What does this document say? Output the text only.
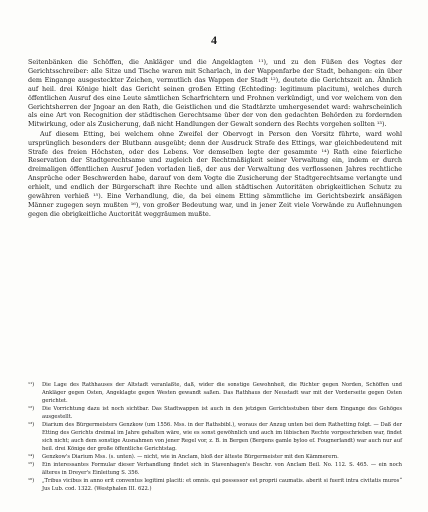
4

Seitenbänken die Schöffen, die Ankläger und die Angeklagten ¹¹), und zu den Füßen des Vogtes der Gerichtsschreiber: alle Sitze und Tische waren mit Scharlach, in der Wappenfarbe der Stadt, behangen: ein über dem Eingange ausgesteckter Zeichen, vermutlich das Wappen der Stadt ¹²), deutete die Gerichtszeit an. Ähnlich auf heil. drei Könige hielt das Gericht seinen großen Etting (Echteding: legitimum placitum), welches durch öffentlichen Ausruf des eine Leute sämtlichen Scharfrichtern und Frohnen verkündigt, und vor welchem von den Gerichtsherren der Jngoar an den Rath, die Geistlichen und die Stadtärzte umhergesendet ward: wahrscheinlich als eine Art von Recognition der städtischen Gerechtsame über der von den gedachten Behörden zu fordernden Mitwirkung, oder als Zusicherung, daß nicht Handlungen der Gewalt sondern des Rechts vorgehen sollten ¹³).

Auf diesem Etting, bei welchem ohne Zweifel der Obervogt in Person den Vorsitz führte, ward wohl ursprünglich besonders der Blutbann ausgeübt; denn der Ausdruck Strafe des Ettings, war gleichbedeutend mit Strafe des freien Höchsten, oder des Lebens. Vor demselben legte der gesammte ¹⁴) Rath eine feierliche Reservation der Stadtgerechtsame und zugleich der Rechtmäßigkeit seiner Verwaltung ein, indem er durch dreimaligen öffentlichen Ausruf Jeden vorladen ließ, der aus der Verwaltung des verflossenen Jahres rechtliche Ansprüche oder Beschwerden habe, darauf von dem Vogte die Zusicherung der Stadtgerechtsame verlangte und erhielt, und endlich der Bürgerschaft ihre Rechte und allen städtischen Autoritäten obrigkeitlichen Schutz zu gewähren verhieß ¹⁵). Eine Verhandlung, die, da bei einem Etting sämmtliche im Gerichtsbezirk ansäßigen Männer zugegen seyn mußten ¹⁶), von großer Bedeutung war, und in jener Zeit viele Vorwände zu Auflehnungen gegen die obrigkeitliche Auctorität weggräumen mußte.

¹¹) Die Lage des Rathhauses der Altstadt veranlaßte, daß, wider die sonstige Gewohnheit, die Richter gegen Norden, Schöffen und Ankläger gegen Osten, Angeklagte gegen Westen gewandt saßen. Das Rathhaus der Neustadt war mit der Vorderseite gegen Osten gerichtet.

¹²) Die Vorrichtung dazu ist noch sichtbar. Das Stadtwappen ist auch in den jetzigen Gerichtsstuben über dem Eingange des Gehöges ausgestellt.

¹³) Diarium des Bürgermeisters Genzkow (um 1556. Mss. in der Rathsbibl.), woraus der Anzug unten bei dem Rathetting folgt. — Daß der Etting des Gerichts dreimal im Jahre gehalten wäre, wie es sonst gewöhnlich und auch im lübischen Rechte vorgeschrieben war, findet sich nicht; auch dem sonstige Ausnahmen von jener Regel vor, z. B. in Bergen (Bergens gamle byloo ef. Fougnerlandt) war auch nur auf heil. drei Könige der große öffentliche Gerichtstag.

¹⁴) Genzkow's Diarium Mss. (s. unten). — nicht, wie in Anclam, bloß der älteste Bürgermeister mit den Kämmerern.

¹⁵) Ein interessantes Formular dieser Verhandlung findet sich in Stavenhagen's Beschr. von Anclam Beil. No. 112. S. 465. — ein noch älteres in Dreyer's Einleitung S. 356.

¹⁶) „Tribus vicibus in anno erit conventus legitimi placiti: et omnis. qui possessor est proprii caumatis. aberit si fuerit intra civitatis muros“ Jus Lub. cod. 1322. (Westphalen III. 622.)
